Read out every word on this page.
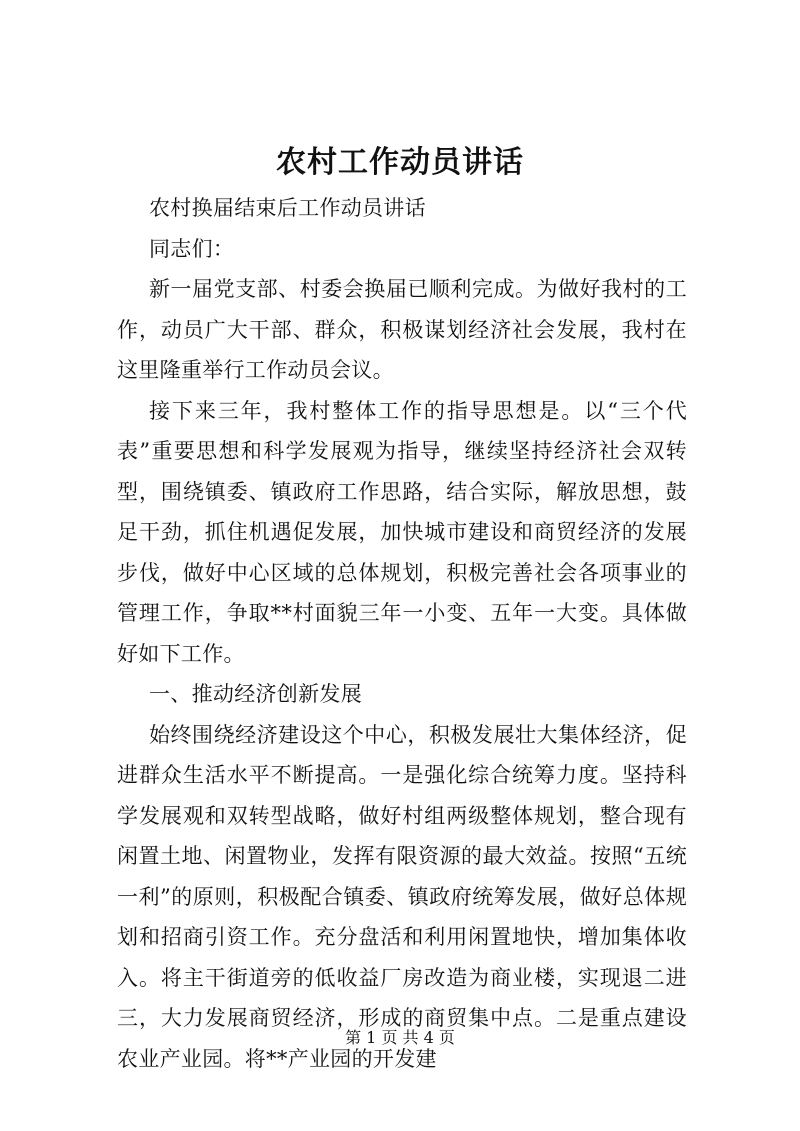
农村工作动员讲话

农村换届结束后工作动员讲话

同志们：

新一届党支部、村委会换届已顺利完成。为做好我村的工作，动员广大干部、群众，积极谋划经济社会发展，我村在这里隆重举行工作动员会议。

接下来三年，我村整体工作的指导思想是。以“三个代表”重要思想和科学发展观为指导，继续坚持经济社会双转型，围绕镇委、镇政府工作思路，结合实际，解放思想，鼓足干劲，抓住机遇促发展，加快城市建设和商贸经济的发展步伐，做好中心区域的总体规划，积极完善社会各项事业的管理工作，争取**村面貌三年一小变、五年一大变。具体做好如下工作。

一、推动经济创新发展

始终围绕经济建设这个中心，积极发展壮大集体经济，促进群众生活水平不断提高。一是强化综合统筹力度。坚持科学发展观和双转型战略，做好村组两级整体规划，整合现有闲置土地、闲置物业，发挥有限资源的最大效益。按照“五统一利”的原则，积极配合镇委、镇政府统筹发展，做好总体规划和招商引资工作。充分盘活和利用闲置地快，增加集体收入。将主干街道旁的低收益厂房改造为商业楼，实现退二进三，大力发展商贸经济，形成的商贸集中点。二是重点建设农业产业园。将**产业园的开发建

第 1 页 共 4 页
